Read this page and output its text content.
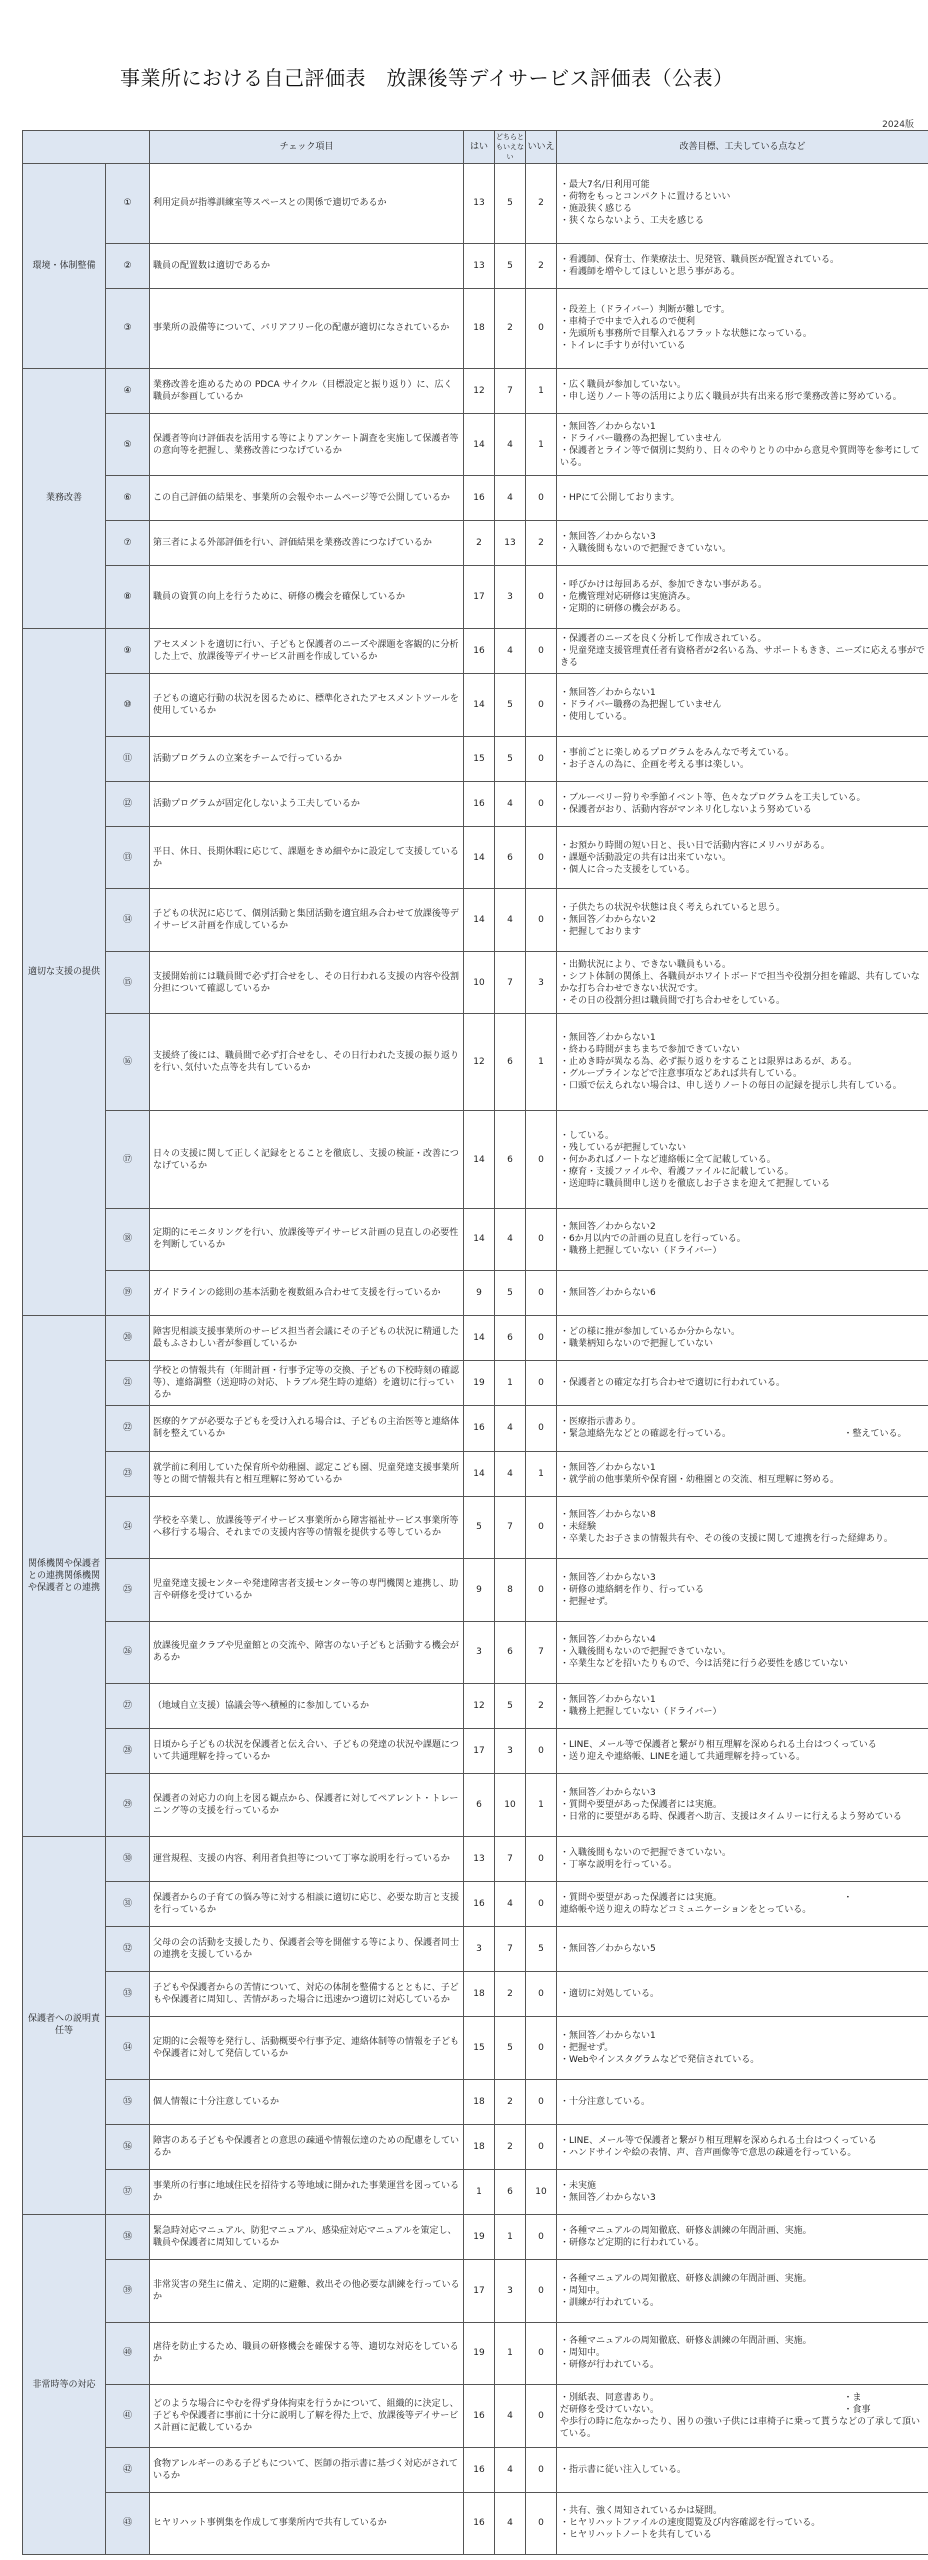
事業所における自己評価表　放課後等デイサービス評価表（公表）
2024版
		チェック項目	はい	どちらともいえない	いいえ	改善目標、工夫している点など
環境・体制整備	①	利用定員が指導訓練室等スペースとの関係で適切であるか	13	5	2	・最大7名/日利用可能
・荷物をもっとコンパクトに置けるといい
・施設狭く感じる
・狭くならないよう、工夫を感じる

	②	職員の配置数は適切であるか	13	5	2	・看護師、保育士、作業療法士、児発管、職員医が配置されている。
・看護師を増やしてほしいと思う事がある。

	③	事業所の設備等について、バリアフリー化の配慮が適切になされているか	18	2	0	・段差上（ドライバー）判断が難しです。
・車椅子で中まで入れるので便利
・先頭所も事務所で目撃入れるフラットな状態になっている。
・トイレに手すりが付いている

業務改善	④	業務改善を進めるための PDCA サイクル（目標設定と振り返り）に、広く職員が参画しているか	12	7	1	・広く職員が参加していない。
・申し送りノート等の活用により広く職員が共有出来る形で業務改善に努めている。

	⑤	保護者等向け評価表を活用する等によりアンケート調査を実施して保護者等の意向等を把握し、業務改善につなげているか	14	4	1	・無回答／わからない1
・ドライバー職務の為把握していません
・保護者とライン等で個別に契約り、日々のやりとりの中から意見や質問等を参考にしている。

	⑥	この自己評価の結果を、事業所の会報やホームページ等で公開しているか	16	4	0	・HPにて公開しております。

	⑦	第三者による外部評価を行い、評価結果を業務改善につなげているか	2	13	2	・無回答／わからない3
・入職後間もないので把握できていない。

	⑧	職員の資質の向上を行うために、研修の機会を確保しているか	17	3	0	・呼びかけは毎回あるが、参加できない事がある。
・危機管理対応研修は実施済み。
・定期的に研修の機会がある。

適切な支援の提供	⑨	アセスメントを適切に行い、子どもと保護者のニーズや課題を客観的に分析した上で、放課後等デイサービス計画を作成しているか	16	4	0	・保護者のニーズを良く分析して作成されている。
・児童発達支援管理責任者有資格者が2名いる為、サポートもきき、ニーズに応える事ができる

	⑩	子どもの適応行動の状況を図るために、標準化されたアセスメントツールを使用しているか	14	5	0	・無回答／わからない1
・ドライバー職務の為把握していません
・使用している。

	⑪	活動プログラムの立案をチームで行っているか	15	5	0	・事前ごとに楽しめるプログラムをみんなで考えている。
・お子さんの為に、企画を考える事は楽しい。

	⑫	活動プログラムが固定化しないよう工夫しているか	16	4	0	・ブルーベリー狩りや季節イベント等、色々なプログラムを工夫している。
・保護者がおり、活動内容がマンネリ化しないよう努めている

	⑬	平日、休日、長期休暇に応じて、課題をきめ細やかに設定して支援しているか	14	6	0	・お預かり時間の短い日と、長い日で活動内容にメリハリがある。
・課題や活動設定の共有は出来ていない。
・個人に合った支援をしている。

	⑭	子どもの状況に応じて、個別活動と集団活動を適宜組み合わせて放課後等デイサービス計画を作成しているか	14	4	0	・子供たちの状況や状態は良く考えられていると思う。
・無回答／わからない2
・把握しております

	⑮	支援開始前には職員間で必ず打合せをし、その日行われる支援の内容や役割分担について確認しているか	10	7	3	・出勤状況により、できない職員もいる。
・シフト体制の関係上、各職員がホワイトボードで担当や役割分担を確認、共有していなかな打ち合わせできない状況です。
・その日の役割分担は職員間で打ち合わせをしている。

	⑯	支援終了後には、職員間で必ず打合せをし、その日行われた支援の振り返りを行い､気付いた点等を共有しているか	12	6	1	・無回答／わからない1
・終わる時間がまちまちで参加できていない
・止めき時が異なる為、必ず振り返りをすることは限界はあるが、ある。
・グループラインなどで注意事項などあれば共有している。
・口頭で伝えられない場合は、申し送りノートの毎日の記録を提示し共有している。

	⑰	日々の支援に関して正しく記録をとることを徹底し、支援の検証・改善につなげているか	14	6	0	・している。
・残しているが把握していない
・何かあればノートなど連絡帳に全て記載している。
・療育・支援ファイルや、看護ファイルに記載している。
・送迎時に職員間申し送りを徹底しお子さまを迎えて把握している

	⑱	定期的にモニタリングを行い、放課後等デイサービス計画の見直しの必要性を判断しているか	14	4	0	・無回答／わからない2
・6か月以内での計画の見直しを行っている。
・職務上把握していない（ドライバー）

	⑲	ガイドラインの総則の基本活動を複数組み合わせて支援を行っているか	9	5	0	・無回答／わからない6

関係機関や保護者との連携関係機関や保護者との連携	⑳	障害児相談支援事業所のサービス担当者会議にその子どもの状況に精通した最もふさわしい者が参画しているか	14	6	0	・どの様に推が参加しているか分からない。
・職業柄知らないので把握していない

	㉑	学校との情報共有（年間計画・行事予定等の交換、子どもの下校時刻の確認等）、連絡調整（送迎時の対応、トラブル発生時の連絡）を適切に行っているか	19	1	0	・保護者との確定な打ち合わせで適切に行われている。

	㉒	医療的ケアが必要な子どもを受け入れる場合は、子どもの主治医等と連絡体制を整えているか	16	4	0	・医療指示書あり。
・緊急連絡先などとの確認を行っている。　　　　　　　　　　　　　・整えている。

	㉓	就学前に利用していた保育所や幼稚園、認定こども園、児童発達支援事業所等との間で情報共有と相互理解に努めているか	14	4	1	・無回答／わからない1
・就学前の他事業所や保育園・幼稚園との交流、相互理解に努める。

	㉔	学校を卒業し、放課後等デイサービス事業所から障害福祉サービス事業所等へ移行する場合、それまでの支援内容等の情報を提供する等しているか	5	7	0	・無回答／わからない8
・未経験
・卒業したお子さまの情報共有や、その後の支援に関して連携を行った経緯あり。

	㉕	児童発達支援センターや発達障害者支援センター等の専門機関と連携し、助言や研修を受けているか	9	8	0	・無回答／わからない3
・研修の連絡網を作り、行っている
・把握せず。

	㉖	放課後児童クラブや児童館との交流や、障害のない子どもと活動する機会があるか	3	6	7	・無回答／わからない4
・入職後間もないので把握できていない。
・卒業生などを招いたりもので、今は活発に行う必要性を感じていない

	㉗	（地域自立支援）協議会等へ積極的に参加しているか	12	5	2	・無回答／わからない1
・職務上把握していない（ドライバー）

	㉘	日頃から子どもの状況を保護者と伝え合い、子どもの発達の状況や課題について共通理解を持っているか	17	3	0	・LINE、メール等で保護者と繋がり相互理解を深められる土台はつくっている
・送り迎えや連絡帳、LINEを通して共通理解を持っている。

	㉙	保護者の対応力の向上を図る観点から、保護者に対してペアレント・トレーニング等の支援を行っているか	6	10	1	・無回答／わからない3
・質問や要望があった保護者には実施。
・日常的に要望がある時、保護者へ助言、支援はタイムリーに行えるよう努めている

保護者への説明責任等	㉚	運営規程、支援の内容、利用者負担等について丁寧な説明を行っているか	13	7	0	・入職後間もないので把握できていない。
・丁寧な説明を行っている。

	㉛	保護者からの子育ての悩み等に対する相談に適切に応じ、必要な助言と支援を行っているか	16	4	0	・質問や要望があった保護者には実施。　　　　　　　　　　　　　　・
連絡帳や送り迎えの時などコミュニケーションをとっている。

	㉜	父母の会の活動を支援したり、保護者会等を開催する等により、保護者同士の連携を支援しているか	3	7	5	・無回答／わからない5

	㉝	子どもや保護者からの苦情について、対応の体制を整備するとともに、子どもや保護者に周知し、苦情があった場合に迅速かつ適切に対応しているか	18	2	0	・適切に対処している。

	㉞	定期的に会報等を発行し、活動概要や行事予定、連絡体制等の情報を子どもや保護者に対して発信しているか	15	5	0	・無回答／わからない1
・把握せず。
・Webやインスタグラムなどで発信されている。

	㉟	個人情報に十分注意しているか	18	2	0	・十分注意している。

	㊱	障害のある子どもや保護者との意思の疎通や情報伝達のための配慮をしているか	18	2	0	・LINE、メール等で保護者と繋がり相互理解を深められる土台はつくっている
・ハンドサインや絵の表情、声、音声画像等で意思の疎通を行っている。

	㊲	事業所の行事に地域住民を招待する等地域に開かれた事業運営を図っているか	1	6	10	・未実施
・無回答／わからない3

非常時等の対応	㊳	緊急時対応マニュアル、防犯マニュアル、感染症対応マニュアルを策定し、職員や保護者に周知しているか	19	1	0	・各種マニュアルの周知徹底、研修＆訓練の年間計画、実施。
・研修など定期的に行われている。

	㊴	非常災害の発生に備え、定期的に避難、救出その他必要な訓練を行っているか	17	3	0	・各種マニュアルの周知徹底、研修＆訓練の年間計画、実施。
・周知中。
・訓練が行われている。

	㊵	虐待を防止するため、職員の研修機会を確保する等、適切な対応をしているか	19	1	0	・各種マニュアルの周知徹底、研修＆訓練の年間計画、実施。
・周知中。
・研修が行われている。

	㊶	どのような場合にやむを得ず身体拘束を行うかについて、組織的に決定し、子どもや保護者に事前に十分に説明し了解を得た上で、放課後等デイサービス計画に記載しているか	16	4	0	・別紙表、同意書あり。　　　　　　　　　　　　　　　　　　　　　・ま
だ研修を受けていない。　　　　　　　　　　　　　　　　　　　　　・食事
や歩行の時に危なかったり、困りの強い子供には車椅子に乗って貰うなどの了承して頂いている。

	㊷	食物アレルギーのある子どもについて、医師の指示書に基づく対応がされているか	16	4	0	・指示書に従い注入している。

	㊸	ヒヤリハット事例集を作成して事業所内で共有しているか	16	4	0	・共有、強く周知されているかは疑問。
・ヒヤリハットファイルの速度閲覧及び内容確認を行っている。
・ヒヤリハットノートを共有している
